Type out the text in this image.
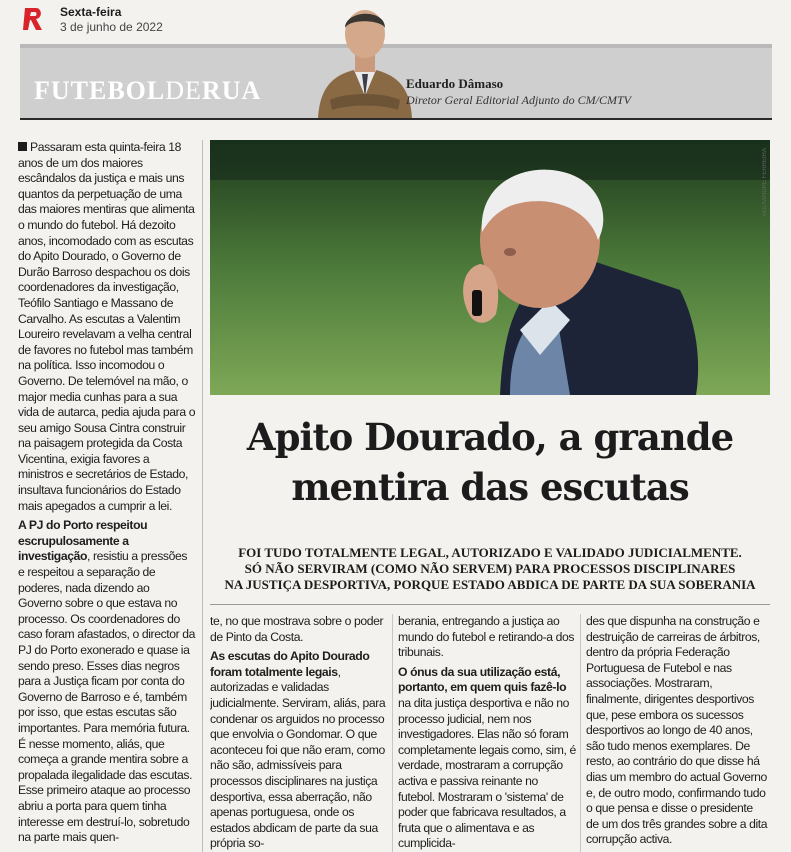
Sexta-feira
3 de junho de 2022
FUTEBOLDERUA	Eduardo Dâmaso
Diretor Geral Editorial Adjunto do CM/CMTV

Passaram esta quinta-feira 18 anos de um dos maiores escândalos da justiça e mais uns quantos da perpetuação de uma das maiores mentiras que alimenta o mundo do futebol. Há dezoito anos, incomodado com as escutas do Apito Dourado, o Governo de Durão Barroso despachou os dois coordenadores da investigação, Teófilo Santiago e Massano de Carvalho. As escutas a Valentim Loureiro revelavam a velha central de favores no futebol mas também na política. Isso incomodou o Governo. De telemóvel na mão, o major media cunhas para a sua vida de autarca, pedia ajuda para o seu amigo Sousa Cintra construir na paisagem protegida da Costa Vicentina, exigia favores a ministros e secretários de Estado, insultava funcionários do Estado mais apegados a cumprir a lei.

A PJ do Porto respeitou escrupulosamente a investigação, resistiu a pressões e respeitou a separação de poderes, nada dizendo ao Governo sobre o que estava no processo. Os coordenadores do caso foram afastados, o director da PJ do Porto exonerado e quase ia sendo preso. Esses dias negros para a Justiça ficam por conta do Governo de Barroso e é, também por isso, que estas escutas são importantes. Para memória futura. É nesse momento, aliás, que começa a grande mentira sobre a propalada ilegalidade das escutas. Esse primeiro ataque ao processo abriu a porta para quem tinha interesse em destruí-lo, sobretudo na parte mais quen-

ALEXANDRE FERREIRA
Apito Dourado, a grande
mentira das escutas
FOI TUDO TOTALMENTE LEGAL, AUTORIZADO E VALIDADO JUDICIALMENTE.
SÓ NÃO SERVIRAM (COMO NÃO SERVEM) PARA PROCESSOS DISCIPLINARES
NA JUSTIÇA DESPORTIVA, PORQUE ESTADO ABDICA DE PARTE DA SUA SOBERANIA

te, no que mostrava sobre o poder de Pinto da Costa.

As escutas do Apito Dourado foram totalmente legais, autorizadas e validadas judicialmente. Serviram, aliás, para condenar os arguidos no processo que envolvia o Gondomar. O que aconteceu foi que não eram, como não são, admissíveis para processos disciplinares na justiça desportiva, essa aberração, não apenas portuguesa, onde os estados abdicam de parte da sua própria so-

berania, entregando a justiça ao mundo do futebol e retirando-a dos tribunais.

O ónus da sua utilização está, portanto, em quem quis fazê-lo na dita justiça desportiva e não no processo judicial, nem nos investigadores. Elas não só foram completamente legais como, sim, é verdade, mostraram a corrupção activa e passiva reinante no futebol. Mostraram o 'sistema' de poder que fabricava resultados, a fruta que o alimentava e as cumplicida-

des que dispunha na construção e destruição de carreiras de árbitros, dentro da própria Federação Portuguesa de Futebol e nas associações. Mostraram, finalmente, dirigentes desportivos que, pese embora os sucessos desportivos ao longo de 40 anos, são tudo menos exemplares. De resto, ao contrário do que disse há dias um membro do actual Governo e, de outro modo, confirmando tudo o que pensa e disse o presidente de um dos três grandes sobre a dita corrupção activa.
